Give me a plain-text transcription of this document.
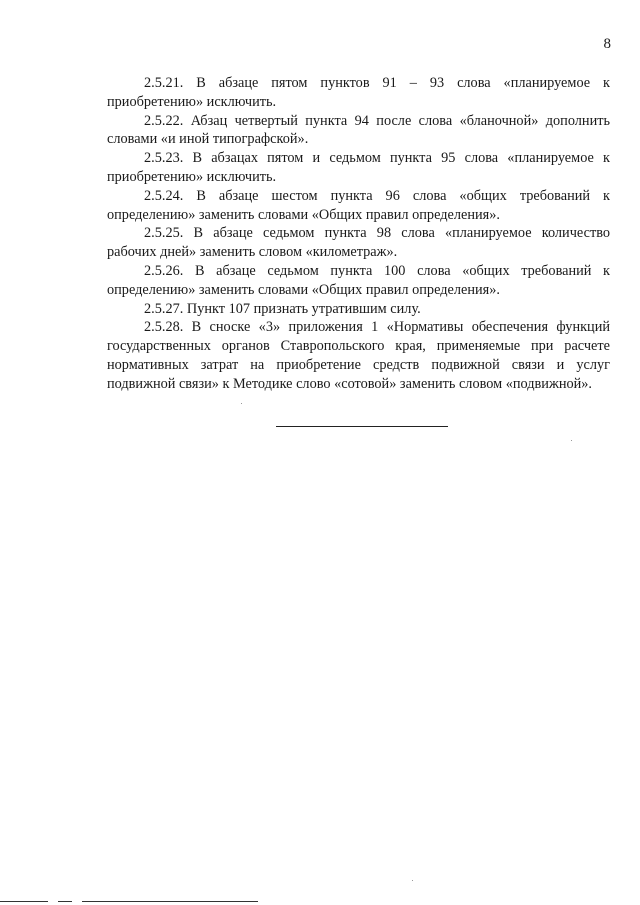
8

2.5.21. В абзаце пятом пунктов 91 – 93 слова «планируемое к приобретению» исключить.

2.5.22. Абзац четвертый пункта 94 после слова «бланочной» дополнить словами «и иной типографской».

2.5.23. В абзацах пятом и седьмом пункта 95 слова «планируемое к приобретению» исключить.

2.5.24. В абзаце шестом пункта 96 слова «общих требований к определению» заменить словами «Общих правил определения».

2.5.25. В абзаце седьмом пункта 98 слова «планируемое количество рабочих дней» заменить словом «километраж».

2.5.26. В абзаце седьмом пункта 100 слова «общих требований к определению» заменить словами «Общих правил определения».

2.5.27. Пункт 107 признать утратившим силу.

2.5.28. В сноске «3» приложения 1 «Нормативы обеспечения функций государственных органов Ставропольского края, применяемые при расчете нормативных затрат на приобретение средств подвижной связи и услуг подвижной связи» к Методике слово «сотовой» заменить словом «подвижной».
